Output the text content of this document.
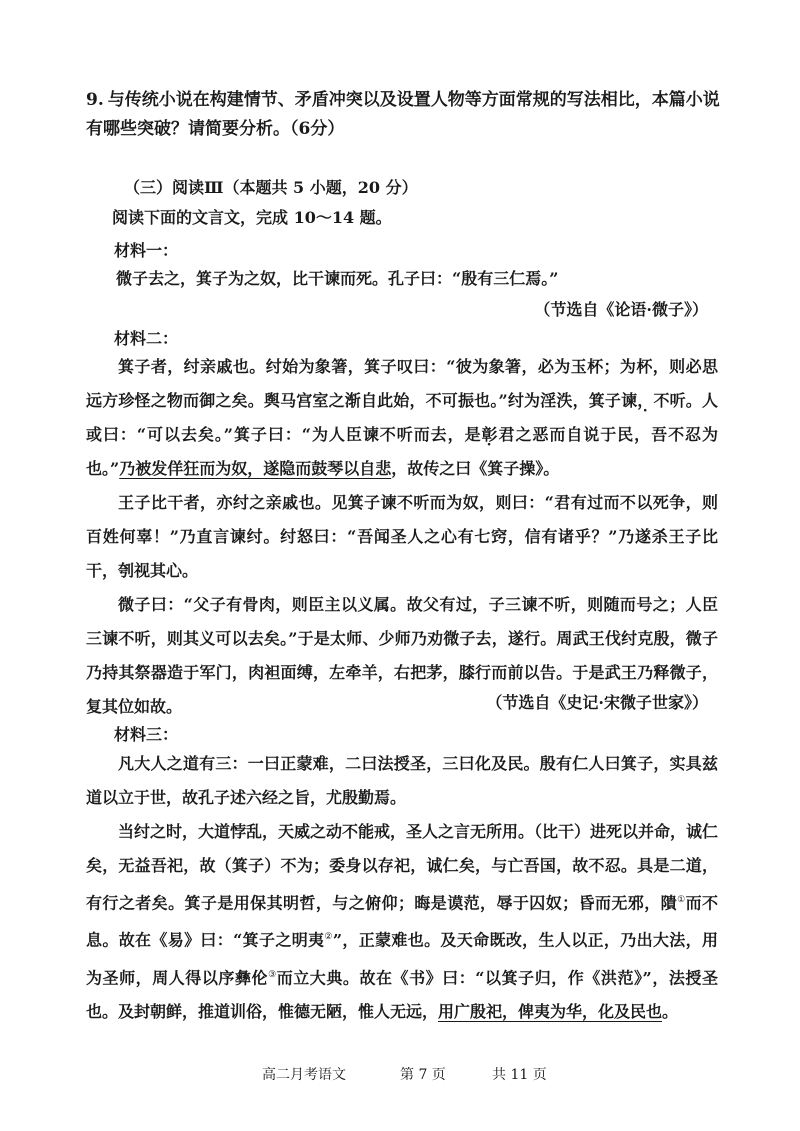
9. 与传统小说在构建情节、矛盾冲突以及设置人物等方面常规的写法相比，本篇小说有哪些突破？请简要分析。（6分）
（三）阅读Ⅲ（本题共 5 小题，20 分）
阅读下面的文言文，完成 10～14 题。
材料一：
微子去之，箕子为之奴，比干谏而死。孔子曰：“殷有三仁焉。”
（节选自《论语·微子》）
材料二：
箕子者，纣亲戚也。纣始为象箸，箕子叹曰：“彼为象箸，必为玉杯；为杯，则必思远方珍怪之物而御之矣。舆马宫室之渐自此始，不可振也。”纣为淫泆，箕子谏，不听。人或曰：“可以去矣。”箕子曰：“为人臣谏不听而去，是彰君之恶而自说于民，吾不忍为也。”乃被发佯狂而为奴，遂隐而鼓琴以自悲，故传之曰《箕子操》。
王子比干者，亦纣之亲戚也。见箕子谏不听而为奴，则曰：“君有过而不以死争，则百姓何辜！”乃直言谏纣。纣怒曰：“吾闻圣人之心有七窍，信有诸乎？”乃遂杀王子比干，刳视其心。
微子曰：“父子有骨肉，则臣主以义属。故父有过，子三谏不听，则随而号之；人臣三谏不听，则其义可以去矣。”于是太师、少师乃劝微子去，遂行。周武王伐纣克殷，微子乃持其祭器造于军门，肉袒面缚，左牵羊，右把茅，膝行而前以告。于是武王乃释微子，复其位如故。	（节选自《史记·宋微子世家》）
材料三：
凡大人之道有三：一曰正蒙难，二曰法授圣，三曰化及民。殷有仁人曰箕子，实具兹道以立于世，故孔子述六经之旨，尤殷勤焉。
当纣之时，大道悖乱，天威之动不能戒，圣人之言无所用。（比干）进死以并命，诚仁矣，无益吾祀，故（箕子）不为；委身以存祀，诚仁矣，与亡吾国，故不忍。具是二道，有行之者矣。箕子是用保其明哲，与之俯仰；晦是谟范，辱于囚奴；昏而无邪，隤①而不息。故在《易》曰：“箕子之明夷②”，正蒙难也。及天命既改，生人以正，乃出大法，用为圣师，周人得以序彝伦③而立大典。故在《书》曰：“以箕子归，作《洪范》”，法授圣也。及封朝鲜，推道训俗，惟德无陋，惟人无远，用广殷祀，俾夷为华，化及民也。
高二月考语文	第 7 页	共 11 页
